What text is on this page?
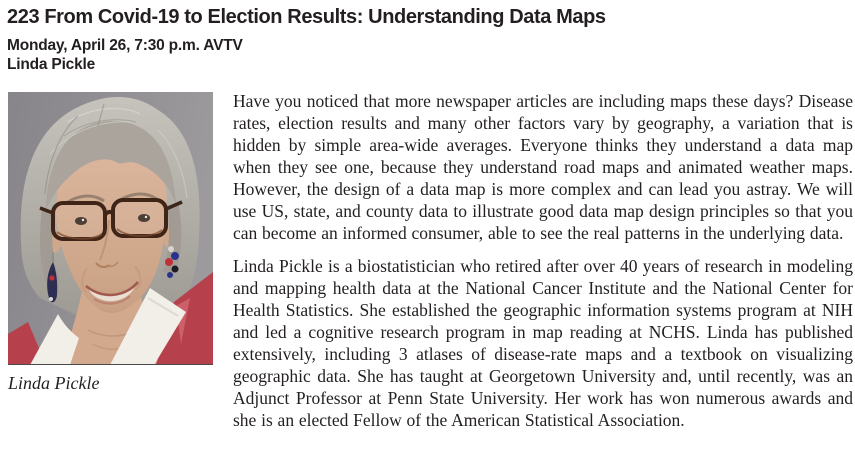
223 From Covid-19 to Election Results: Understanding Data Maps
Monday, April 26, 7:30 p.m. AVTV
Linda Pickle
Linda Pickle

Have you noticed that more newspaper articles are including maps these days? Disease rates, election results and many other factors vary by geography, a variation that is hidden by simple area-wide averages. Everyone thinks they understand a data map when they see one, because they understand road maps and animated weather maps. However, the design of a data map is more complex and can lead you astray. We will use US, state, and county data to illustrate good data map design principles so that you can become an informed consumer, able to see the real patterns in the underlying data.

Linda Pickle is a biostatistician who retired after over 40 years of research in modeling and mapping health data at the National Cancer Institute and the National Center for Health Statistics. She established the geographic information systems program at NIH and led a cognitive research program in map reading at NCHS. Linda has published extensively, including 3 atlases of disease-rate maps and a textbook on visualizing geographic data. She has taught at Georgetown University and, until recently, was an Adjunct Professor at Penn State University. Her work has won numerous awards and she is an elected Fellow of the American Statistical Association.
